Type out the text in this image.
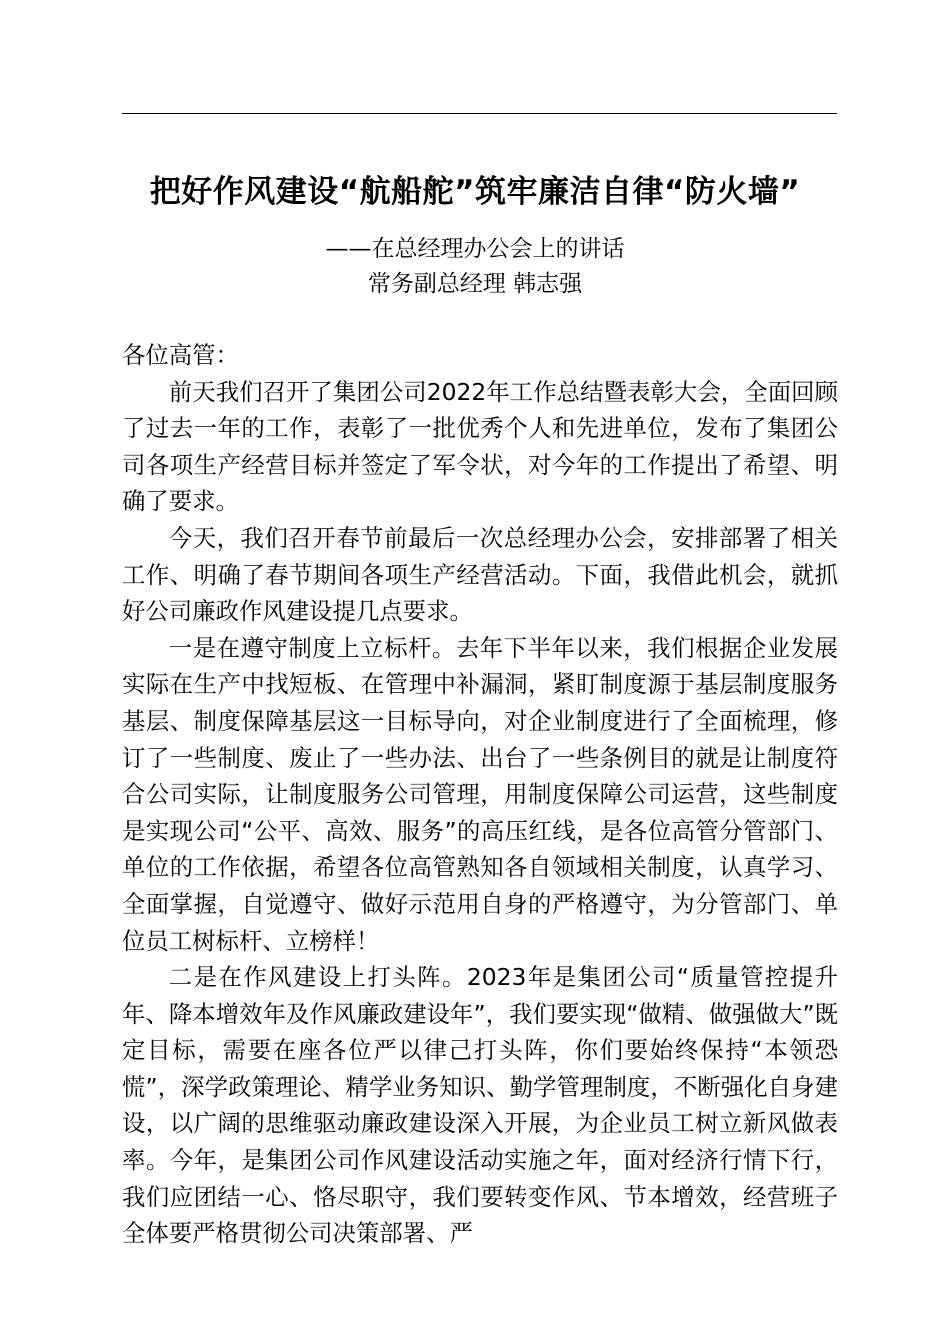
把好作风建设“航船舵”筑牢廉洁自律“防火墙”
——在总经理办公会上的讲话
常务副总经理 韩志强

各位高管：

前天我们召开了集团公司2022年工作总结暨表彰大会，全面回顾了过去一年的工作，表彰了一批优秀个人和先进单位，发布了集团公司各项生产经营目标并签定了军令状，对今年的工作提出了希望、明确了要求。

今天，我们召开春节前最后一次总经理办公会，安排部署了相关工作、明确了春节期间各项生产经营活动。下面，我借此机会，就抓好公司廉政作风建设提几点要求。

一是在遵守制度上立标杆。去年下半年以来，我们根据企业发展实际在生产中找短板、在管理中补漏洞，紧盯制度源于基层制度服务基层、制度保障基层这一目标导向，对企业制度进行了全面梳理，修订了一些制度、废止了一些办法、出台了一些条例目的就是让制度符合公司实际，让制度服务公司管理，用制度保障公司运营，这些制度是实现公司“公平、高效、服务”的高压红线，是各位高管分管部门、单位的工作依据，希望各位高管熟知各自领域相关制度，认真学习、全面掌握，自觉遵守、做好示范用自身的严格遵守，为分管部门、单位员工树标杆、立榜样！

二是在作风建设上打头阵。2023年是集团公司“质量管控提升年、降本增效年及作风廉政建设年”，我们要实现“做精、做强做大”既定目标，需要在座各位严以律己打头阵，你们要始终保持“本领恐慌”，深学政策理论、精学业务知识、勤学管理制度，不断强化自身建设，以广阔的思维驱动廉政建设深入开展，为企业员工树立新风做表率。今年，是集团公司作风建设活动实施之年，面对经济行情下行，我们应团结一心、恪尽职守，我们要转变作风、节本增效，经营班子全体要严格贯彻公司决策部署、严
